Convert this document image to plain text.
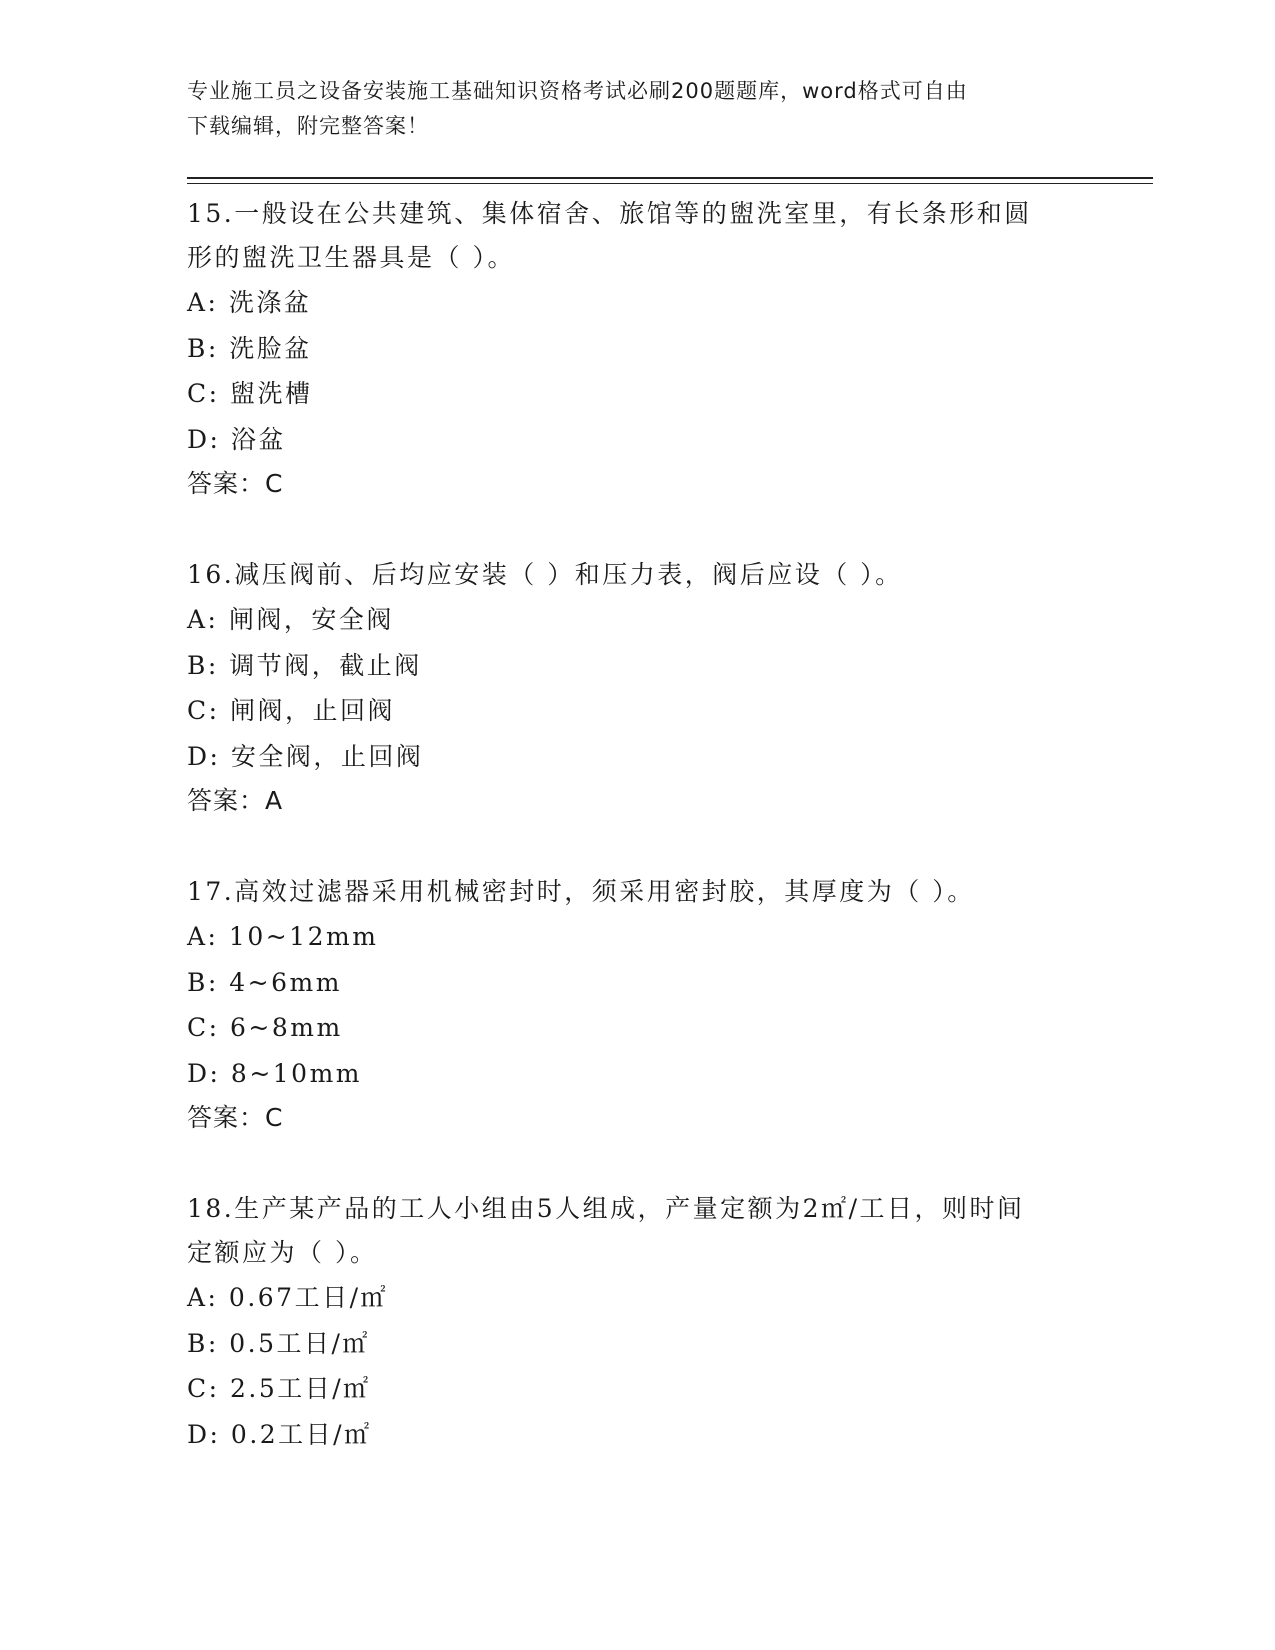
专业施工员之设备安装施工基础知识资格考试必刷200题题库，word格式可自由
下载编辑，附完整答案！

15.一般设在公共建筑、集体宿舍、旅馆等的盥洗室里，有长条形和圆

形的盥洗卫生器具是（ ）。

A: 洗涤盆

B: 洗脸盆

C: 盥洗槽

D: 浴盆

答案：C

16.减压阀前、后均应安装（ ）和压力表，阀后应设（ ）。

A: 闸阀，安全阀

B: 调节阀，截止阀

C: 闸阀，止回阀

D: 安全阀，止回阀

答案：A

17.高效过滤器采用机械密封时，须采用密封胶，其厚度为（ ）。

A: 10~12mm

B: 4~6mm

C: 6~8mm

D: 8~10mm

答案：C

18.生产某产品的工人小组由5人组成，产量定额为2㎡/工日，则时间

定额应为（ ）。

A: 0.67工日/㎡

B: 0.5工日/㎡

C: 2.5工日/㎡

D: 0.2工日/㎡
